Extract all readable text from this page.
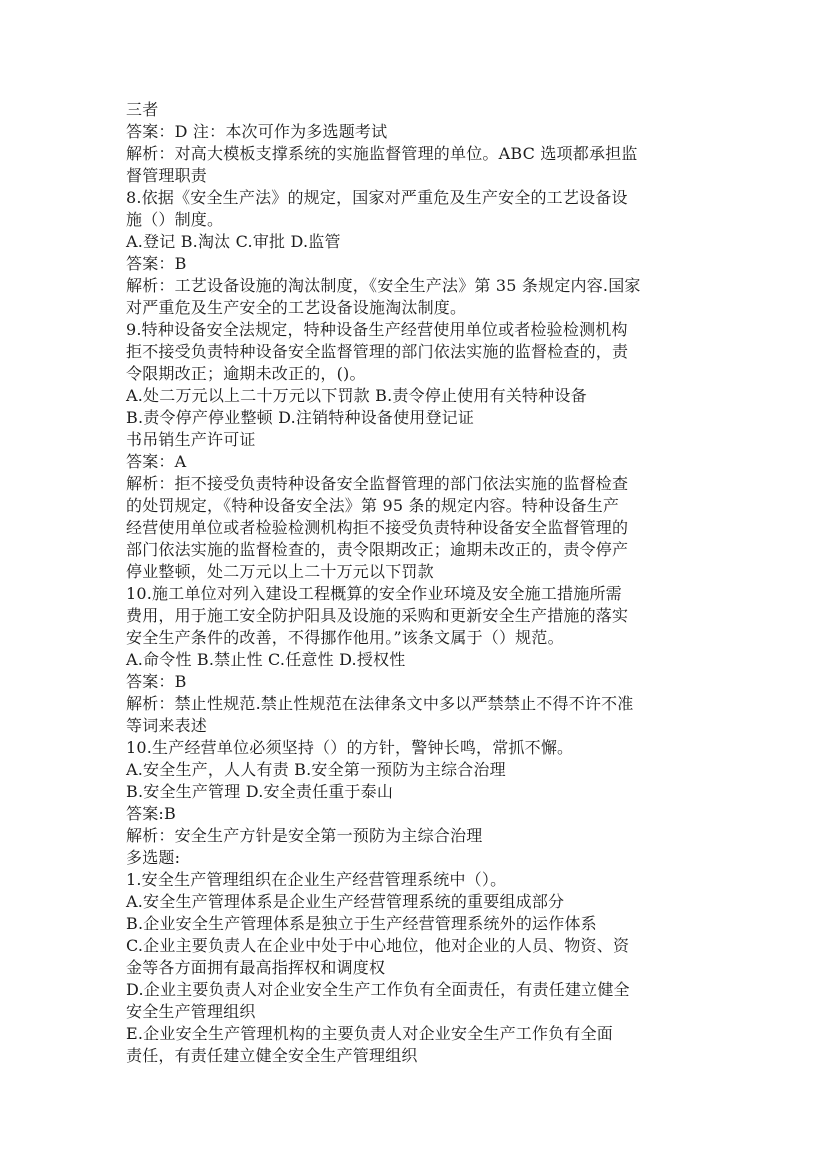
三者
答案：D 注：本次可作为多选题考试
解析：对高大模板支撑系统的实施监督管理的单位。ABC 选项都承担监
督管理职责
8.依据《安全生产法》的规定，国家对严重危及生产安全的工艺设备设
施（）制度。
A.登记 B.淘汰 C.审批 D.监管
答案：B
解析：工艺设备设施的淘汰制度，《安全生产法》第 35 条规定内容.国家
对严重危及生产安全的工艺设备设施淘汰制度。
9.特种设备安全法规定，特种设备生产经营使用单位或者检验检测机构
拒不接受负责特种设备安全监督管理的部门依法实施的监督检查的，责
令限期改正；逾期未改正的，()。
A.处二万元以上二十万元以下罚款 B.责令停止使用有关特种设备
B.责令停产停业整顿 D.注销特种设备使用登记证
书吊销生产许可证
答案：A
解析：拒不接受负责特种设备安全监督管理的部门依法实施的监督检查
的处罚规定，《特种设备安全法》第 95 条的规定内容。特种设备生产
经营使用单位或者检验检测机构拒不接受负责特种设备安全监督管理的
部门依法实施的监督检查的，责令限期改正；逾期未改正的，责令停产
停业整顿，处二万元以上二十万元以下罚款
10.施工单位对列入建设工程概算的安全作业环境及安全施工措施所需
费用，用于施工安全防护阳具及设施的采购和更新安全生产措施的落实
安全生产条件的改善，不得挪作他用。”该条文属于（）规范。
A.命令性 B.禁止性 C.任意性 D.授权性
答案：B
解析：禁止性规范.禁止性规范在法律条文中多以严禁禁止不得不许不准
等词来表述
10.生产经营单位必须坚持（）的方针，警钟长鸣，常抓不懈。
A.安全生产，人人有责 B.安全第一预防为主综合治理
B.安全生产管理 D.安全责任重于泰山
答案:B
解析：安全生产方针是安全第一预防为主综合治理
多选题:
1.安全生产管理组织在企业生产经营管理系统中（）。
A.安全生产管理体系是企业生产经营管理系统的重要组成部分
B.企业安全生产管理体系是独立于生产经营管理系统外的运作体系
C.企业主要负责人在企业中处于中心地位，他对企业的人员、物资、资
金等各方面拥有最高指挥权和调度权
D.企业主要负责人对企业安全生产工作负有全面责任，有责任建立健全
安全生产管理组织
E.企业安全生产管理机构的主要负责人对企业安全生产工作负有全面
责任，有责任建立健全安全生产管理组织
